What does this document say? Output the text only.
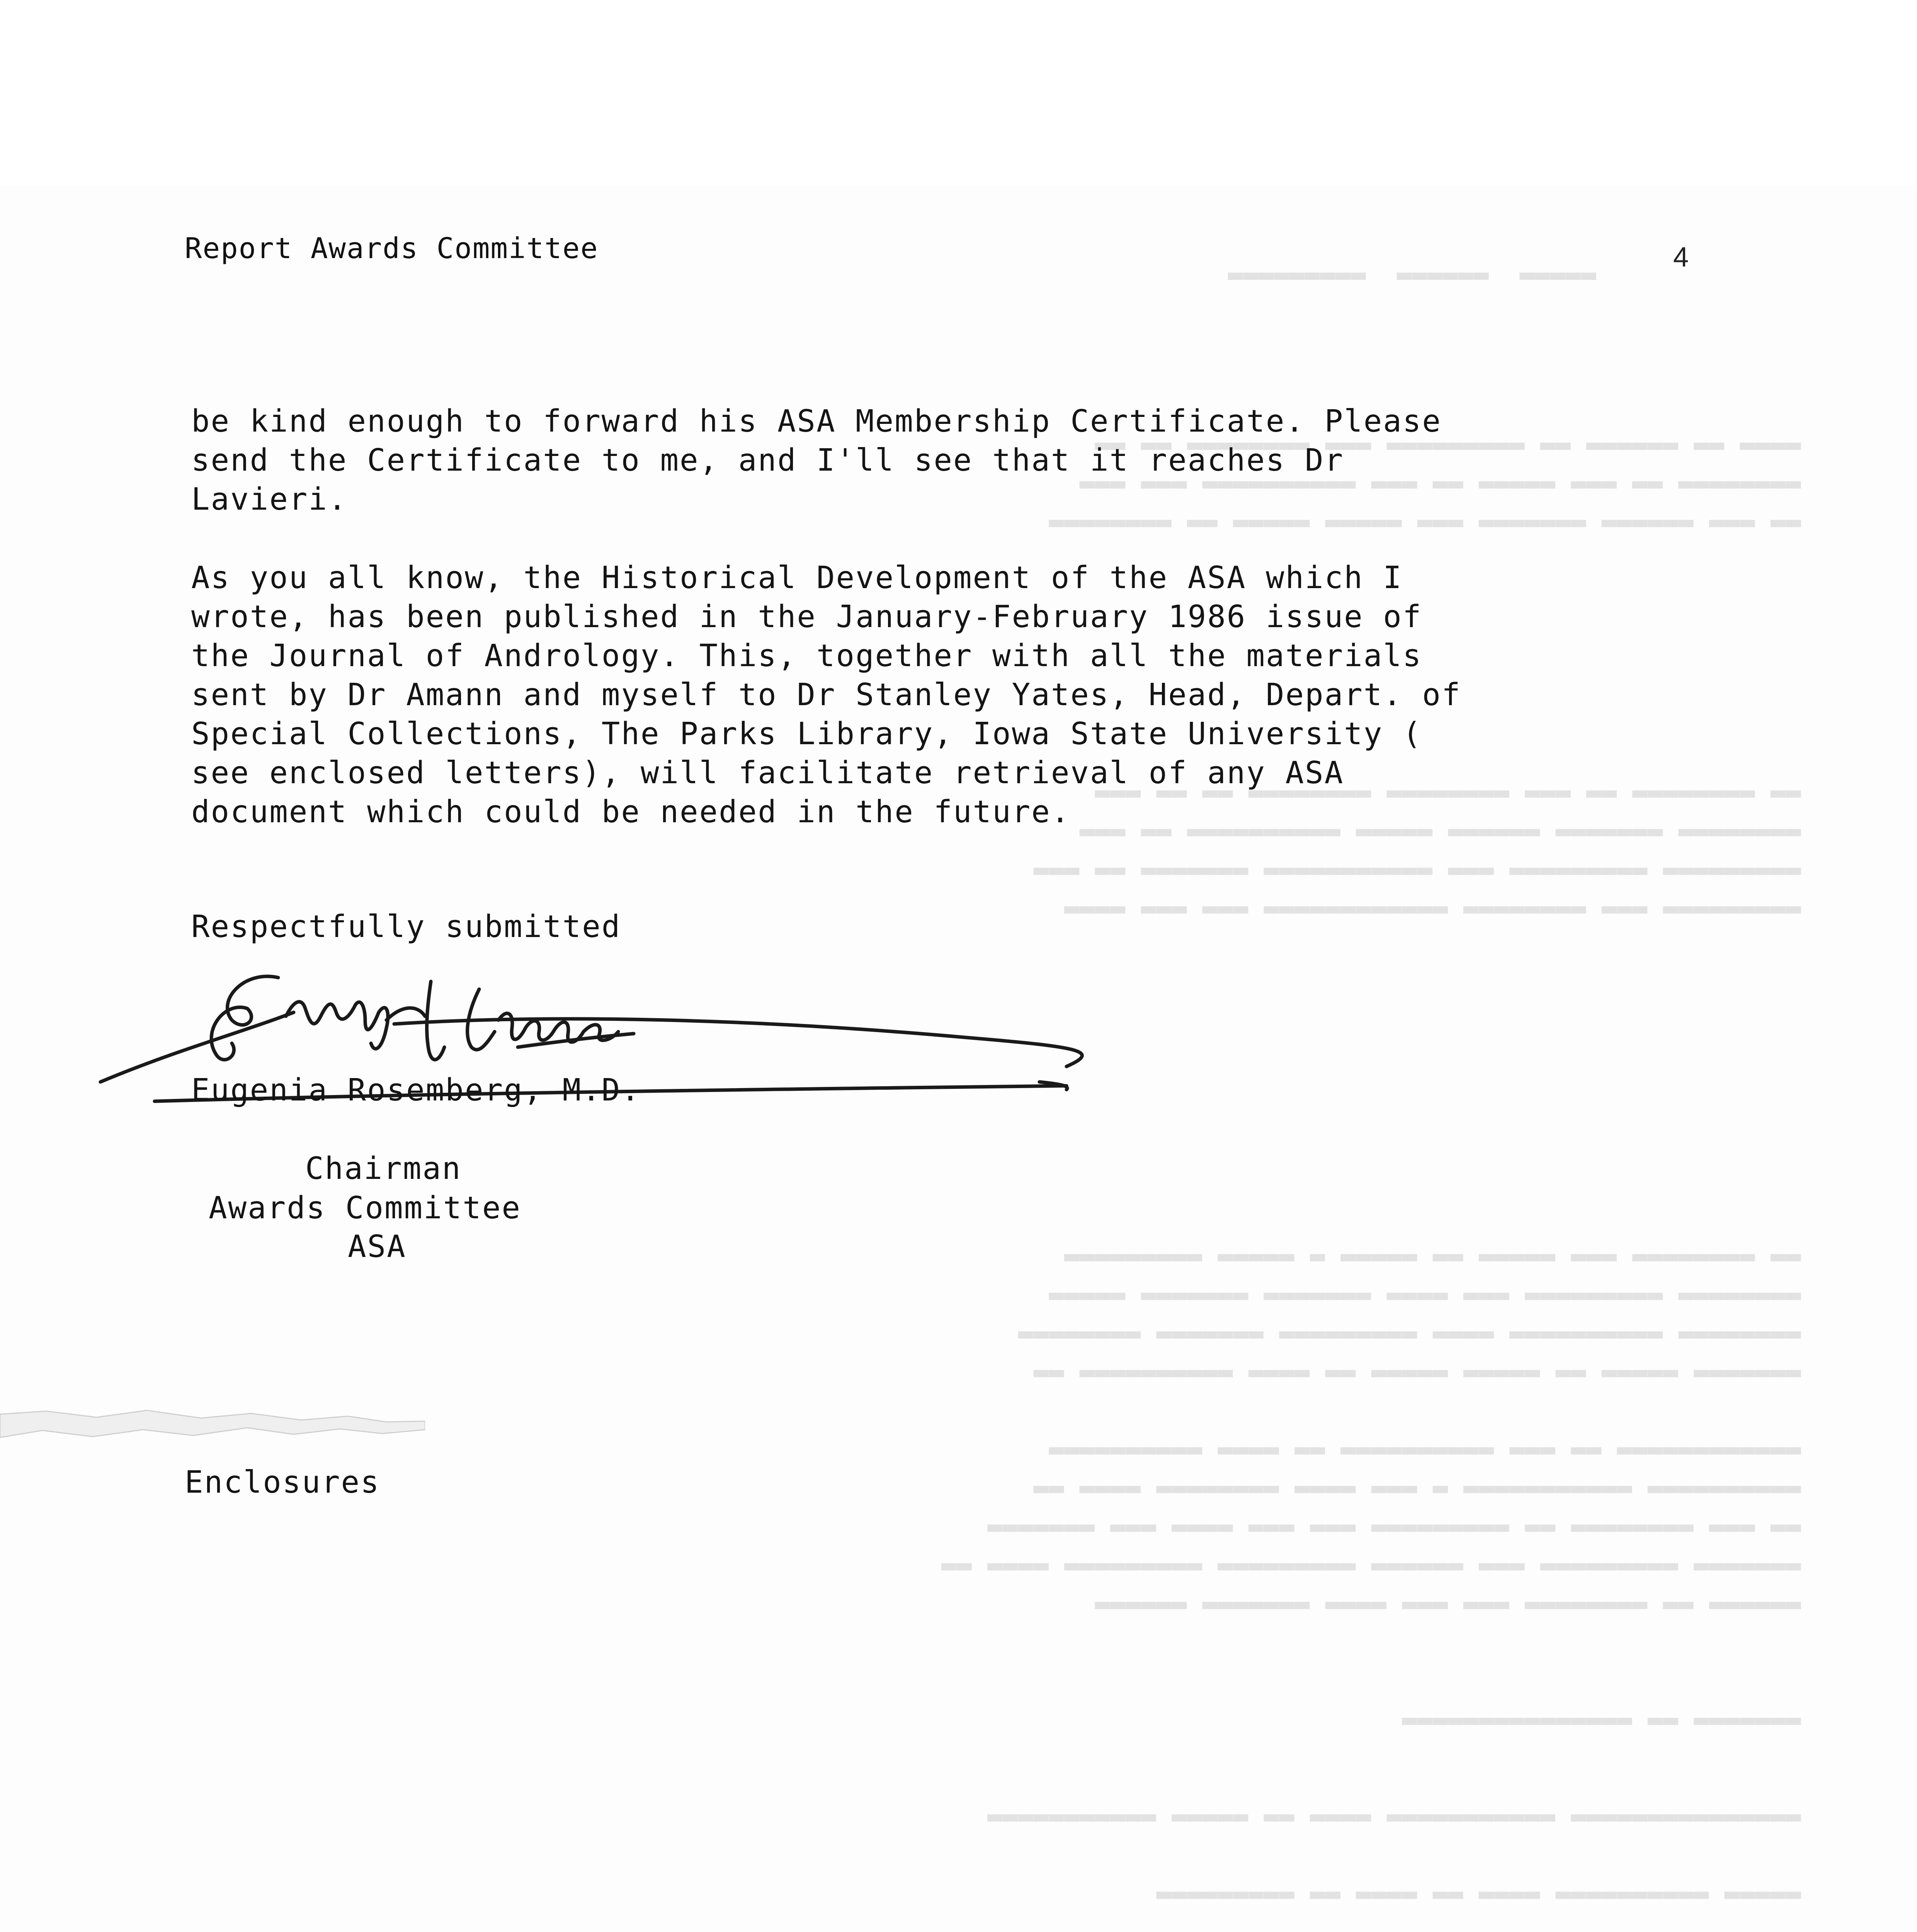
▬▬▬▬▬  ▬▬▬▬▬▬  ▬▬▬▬▬▬▬▬▬
▬▬▬▬ ▬▬ ▬▬▬▬▬▬ ▬▬ ▬▬▬▬▬▬▬▬▬ ▬▬▬ ▬▬▬▬▬▬▬▬ ▬▬ ▬▬
▬▬▬▬▬▬▬▬ ▬▬ ▬▬▬ ▬▬▬▬▬ ▬▬ ▬▬▬ ▬▬▬▬▬▬▬▬▬▬ ▬▬▬ ▬▬▬
▬▬ ▬▬▬ ▬▬▬▬▬▬ ▬▬▬▬▬▬▬ ▬▬▬ ▬▬▬▬▬ ▬▬▬▬▬ ▬▬ ▬▬▬▬▬▬▬▬
▬▬ ▬▬▬▬▬▬▬▬ ▬▬ ▬▬▬ ▬▬▬▬▬▬▬▬ ▬▬▬▬▬▬▬▬ ▬▬ ▬▬ ▬▬▬
▬▬▬▬▬▬▬▬ ▬▬▬▬▬▬▬ ▬▬▬▬▬▬ ▬▬▬▬▬ ▬▬▬▬▬▬▬▬▬▬ ▬▬ ▬▬▬
▬▬▬▬▬▬▬▬▬ ▬▬▬▬▬▬▬▬▬ ▬▬▬ ▬▬▬▬▬▬▬▬▬▬▬ ▬▬▬▬▬▬▬ ▬▬ ▬▬▬
▬▬▬▬▬▬▬▬▬ ▬▬▬ ▬▬▬▬▬▬▬▬ ▬▬▬▬▬▬▬▬▬▬▬▬ ▬▬▬ ▬▬▬ ▬▬▬▬
▬▬ ▬▬▬▬▬▬▬▬ ▬▬▬ ▬▬▬▬▬ ▬▬ ▬▬▬▬▬ ▬ ▬▬▬▬▬ ▬▬▬▬▬▬▬▬▬
▬▬▬▬▬▬▬▬ ▬▬▬▬▬▬▬▬▬ ▬▬▬ ▬▬▬▬ ▬▬▬▬▬▬▬ ▬▬▬▬▬▬▬ ▬▬▬▬▬
▬▬▬▬▬▬▬▬ ▬▬▬▬▬▬▬▬▬▬ ▬▬▬▬ ▬▬▬▬▬▬▬▬▬ ▬▬▬▬▬▬▬ ▬▬▬▬▬▬▬▬
▬▬▬▬▬▬▬ ▬▬▬▬▬ ▬▬ ▬▬▬▬▬ ▬▬▬▬▬ ▬▬ ▬▬▬▬ ▬▬▬▬▬▬▬▬▬▬ ▬▬
▬▬▬▬▬▬▬▬▬▬▬▬ ▬▬ ▬▬▬ ▬▬▬▬▬▬▬▬▬▬ ▬▬ ▬▬▬▬ ▬▬▬▬▬▬▬▬▬▬
▬▬▬▬▬▬▬▬▬▬ ▬▬▬▬▬▬▬▬▬▬▬ ▬ ▬▬▬ ▬▬▬▬ ▬▬▬▬▬▬▬▬ ▬▬▬▬ ▬▬
▬▬ ▬▬▬ ▬▬▬▬▬▬▬▬ ▬▬ ▬▬▬▬▬▬▬▬▬ ▬▬▬ ▬▬▬ ▬▬▬▬ ▬▬▬ ▬▬▬▬▬▬▬
▬▬▬▬▬▬▬ ▬▬▬▬▬▬▬▬▬ ▬▬▬ ▬▬▬▬▬▬ ▬▬▬▬▬▬▬▬▬ ▬▬▬▬▬▬▬▬▬ ▬▬▬▬ ▬▬
▬▬▬▬▬▬ ▬▬ ▬▬▬▬▬▬▬▬ ▬▬▬ ▬▬▬ ▬▬▬▬ ▬▬▬▬▬▬▬ ▬▬▬▬▬▬
▬▬▬▬▬▬▬ ▬▬ ▬▬▬▬▬▬▬▬▬▬▬▬▬▬▬
▬▬▬▬▬▬▬▬▬▬▬▬▬▬▬ ▬▬▬▬▬▬▬▬▬▬▬ ▬▬▬▬ ▬▬ ▬▬▬▬▬ ▬▬▬▬▬▬▬▬▬▬▬
▬▬▬▬▬ ▬▬▬▬▬▬▬▬▬▬ ▬▬▬▬ ▬▬ ▬▬▬▬ ▬▬ ▬▬▬▬▬▬▬▬▬
Report Awards Committee	4
be kind enough to forward his ASA Membership Certificate. Please
send the Certificate to me, and I'll see that it reaches Dr
Lavieri.
As you all know, the Historical Development of the ASA which I
wrote, has been published in the January-February 1986 issue of
the Journal of Andrology. This, together with all the materials
sent by Dr Amann and myself to Dr Stanley Yates, Head, Depart. of
Special Collections, The Parks Library, Iowa State University (
see enclosed letters), will facilitate retrieval of any ASA
document which could be needed in the future.
Respectfully submitted
Eugenia Rosemberg, M.D.
Chairman
Awards Committee
ASA
Enclosures
